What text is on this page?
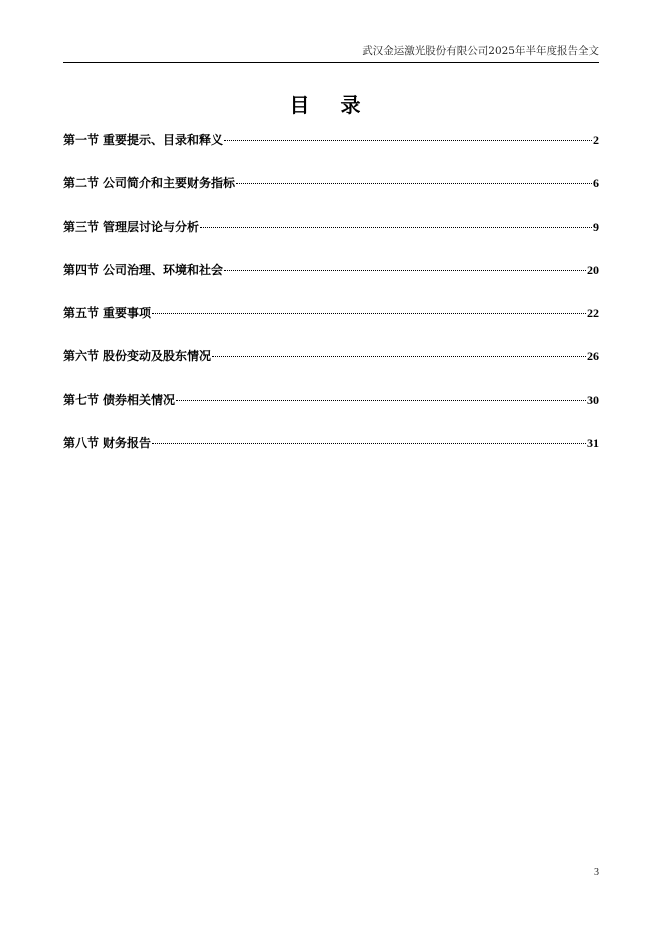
武汉金运激光股份有限公司2025年半年度报告全文
目 录
第一节 重要提示、目录和释义	2
第二节 公司简介和主要财务指标	6
第三节 管理层讨论与分析	9
第四节 公司治理、环境和社会	20
第五节 重要事项	22
第六节 股份变动及股东情况	26
第七节 债券相关情况	30
第八节 财务报告	31
3
